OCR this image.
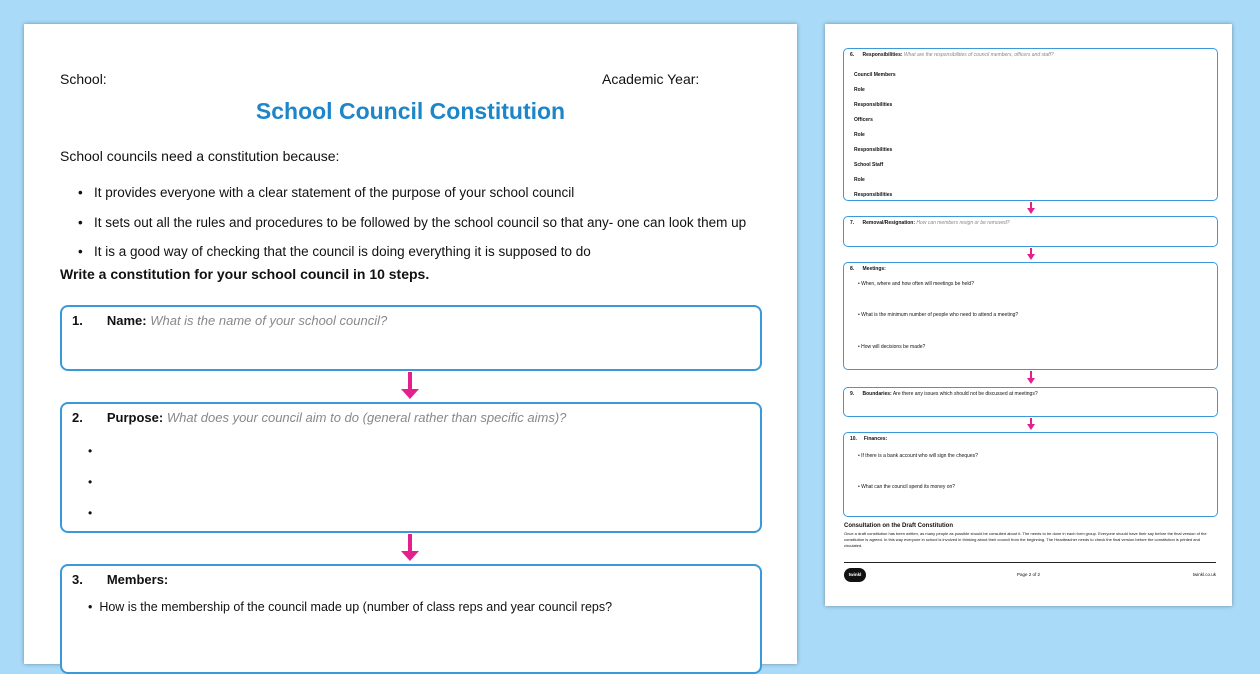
School:	Academic Year:
School Council Constitution
School councils need a constitution because:
•   It provides everyone with a clear statement of the purpose of your school council
•   It sets out all the rules and procedures to be followed by the school council so that any- one can look them up
•   It is a good way of checking that the council is doing everything it is supposed to do
Write a constitution for your school council in 10 steps.
1. Name: What is the name of your school council?
2. Purpose: What does your council aim to do (general rather than specific aims)?
•
•
•
3. Members:
•  How is the membership of the council made up (number of class reps and year council reps?
6. Responsibilities: What are the responsibilities of council members, officers and staff?
Council Members
Role
Responsibilities
Officers
Role
Responsibilities
School Staff
Role
Responsibilities
7. Removal/Resignation: How can members resign or be removed?
8. Meetings:
• When, where and how often will meetings be held?
• What is the minimum number of people who need to attend a meeting?
• How will decisions be made?
9. Boundaries: Are there any issues which should not be discussed at meetings?
10. Finances:
• If there is a bank account who will sign the cheques?
• What can the council spend its money on?
Consultation on the Draft Constitution
Once a draft constitution has been written, as many people as possible should be consulted about it. The needs to be done in each form group. Everyone should have their say before the final version of the constitution is agreed. In this way everyone in school is involved in thinking about their council from the beginning. The Headteacher needs to check the final version before the constitution is printed and circulated.
twinkl	Page 2 of 2	twinkl.co.uk
